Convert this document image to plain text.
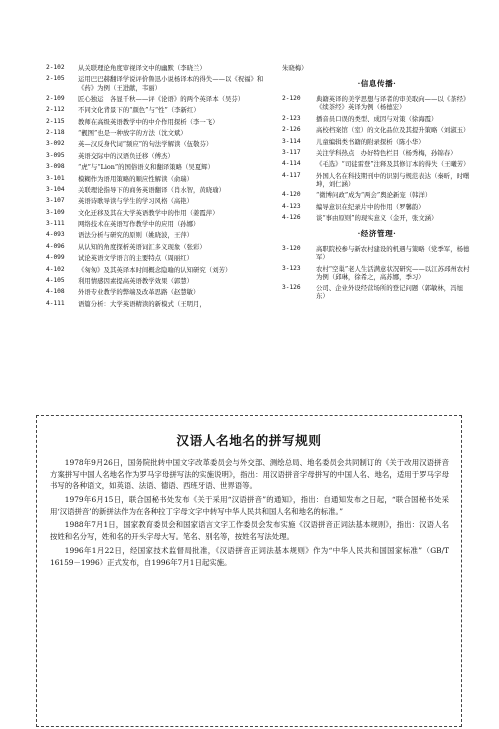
2-102	从关联理论角度审视译文中的幽默（李晓兰）
2-105	运用巴巴赫翻译学说评价鲁迅小说杨译本的得失——以《祝福》和《药》为例（王进献，韦丽）
2-109	匠心独运　各显千秋——评《论语》的两个英译本（吴芬）
2-112	不同文化背景下的“颜色”与“性”（李新红）
2-115	教师在高级英语教学中的中介作用探析（李一飞）
2-118	“靓图”也是一种放字的方法（沈文斌）
3-092	英—汉反身代词“频应”的句法学解读（伍敬芬）
3-095	英语交际中的汉语负迁移（傅杰）
3-098	“虎”与“Lion”的国俗语义和翻译策略（吴夏辉）
3-101	模糊作为语用策略的顺应性解读（俞瑞）
3-104	关联理论指导下的商务英语翻译（肖水智，黄晓瑜）
3-107	英语诗歌导读与学生的学习风格（高艳）
3-109	文化迁移及其在大学英语教学中的作用（姜霞萍）
3-111	网络技术在英语写作教学中的应用（孙娜）
4-093	语法分析与研究的原则（姚晓波，王萍）
4-096	从认知的角度探析英语词汇多义现象（张彩）
4-099	试论英语文学语言的主要特点（周丽红）
4-102	《匆匆》及其英译本时间概念隐喻的认知研究（刘芳）
4-105	利用情感因素提高英语教学效果（郭慧）
4-108	外语专业教学的弊端及改革思路（赵慧敏）
4-111	语篇分析：大学英语精读的新模式（王明月，
朱晓梅）
·信息传播·
2-120	典籍英译的美学思想与译者的审美取向——以《茶经》《续茶经》英译为例（杨德宏）
2-123	播音员口误的类型、成因与对策（徐海霞）
2-126	高校档案馆（室）的文化品位及其提升策略（刘淑玉）
3-114	儿童编辑类书籍的附录探析（陈小华）
3-117	关注学科热点　办好特色栏目（杨秀梅，孙锦春）
4-114	《毛选》“司徒雷登”注释及其修订本的得失（王曦芳）
4-117	外国人名在科技期刊中的识别与规范表达（秦昕，时曙坤，刘仁涵）
4-120	“微博问政”成为“两会”舆论新宠（韩洋）
4-123	编导意识在纪录片中的作用（罗馨韵）
4-126	谈“事由原则”的现实意义（金开，张文涵）
·经济管理·
3-120	高职院校参与新农村建设的机遇与策略（党季军，杨德军）
3-123	农村“空巢”老人生活满意状况研究——以江苏邳州农村为例（邱琳，徐希之，高苏娜，季习）
3-126	公司、企业外设经营场所的登记问题（郭敏林，冯旭东）
汉语人名地名的拼写规则

1978年9月26日，国务院批转中国文字改革委员会与外交部、测绘总局、地名委员会共同制订的《关于改用汉语拼音方案拼写中国人名地名作为罗马字母拼写法的实施说明》，指出：用汉语拼音字母拼写的中国人名、地名，适用于罗马字母书写的各种语文，如英语、法语、德语、西班牙语、世界语等。

1979年6月15日，联合国秘书处发布《关于采用“汉语拼音”的通知》，指出：自通知发布之日起，“联合国秘书处采用‘汉语拼音’的新拼法作为在各种拉丁字母文字中转写中华人民共和国人名和地名的标准。”

1988年7月1日，国家教育委员会和国家语言文字工作委员会发布实施《汉语拼音正词法基本规则》，指出：汉语人名按姓和名分写，姓和名的开头字母大写。笔名、别名等，按姓名写法处理。

1996年1月22日，经国家技术监督局批准，《汉语拼音正词法基本规则》作为“中华人民共和国国家标准”（GB/T 16159－1996）正式发布，自1996年7月1日起实施。
